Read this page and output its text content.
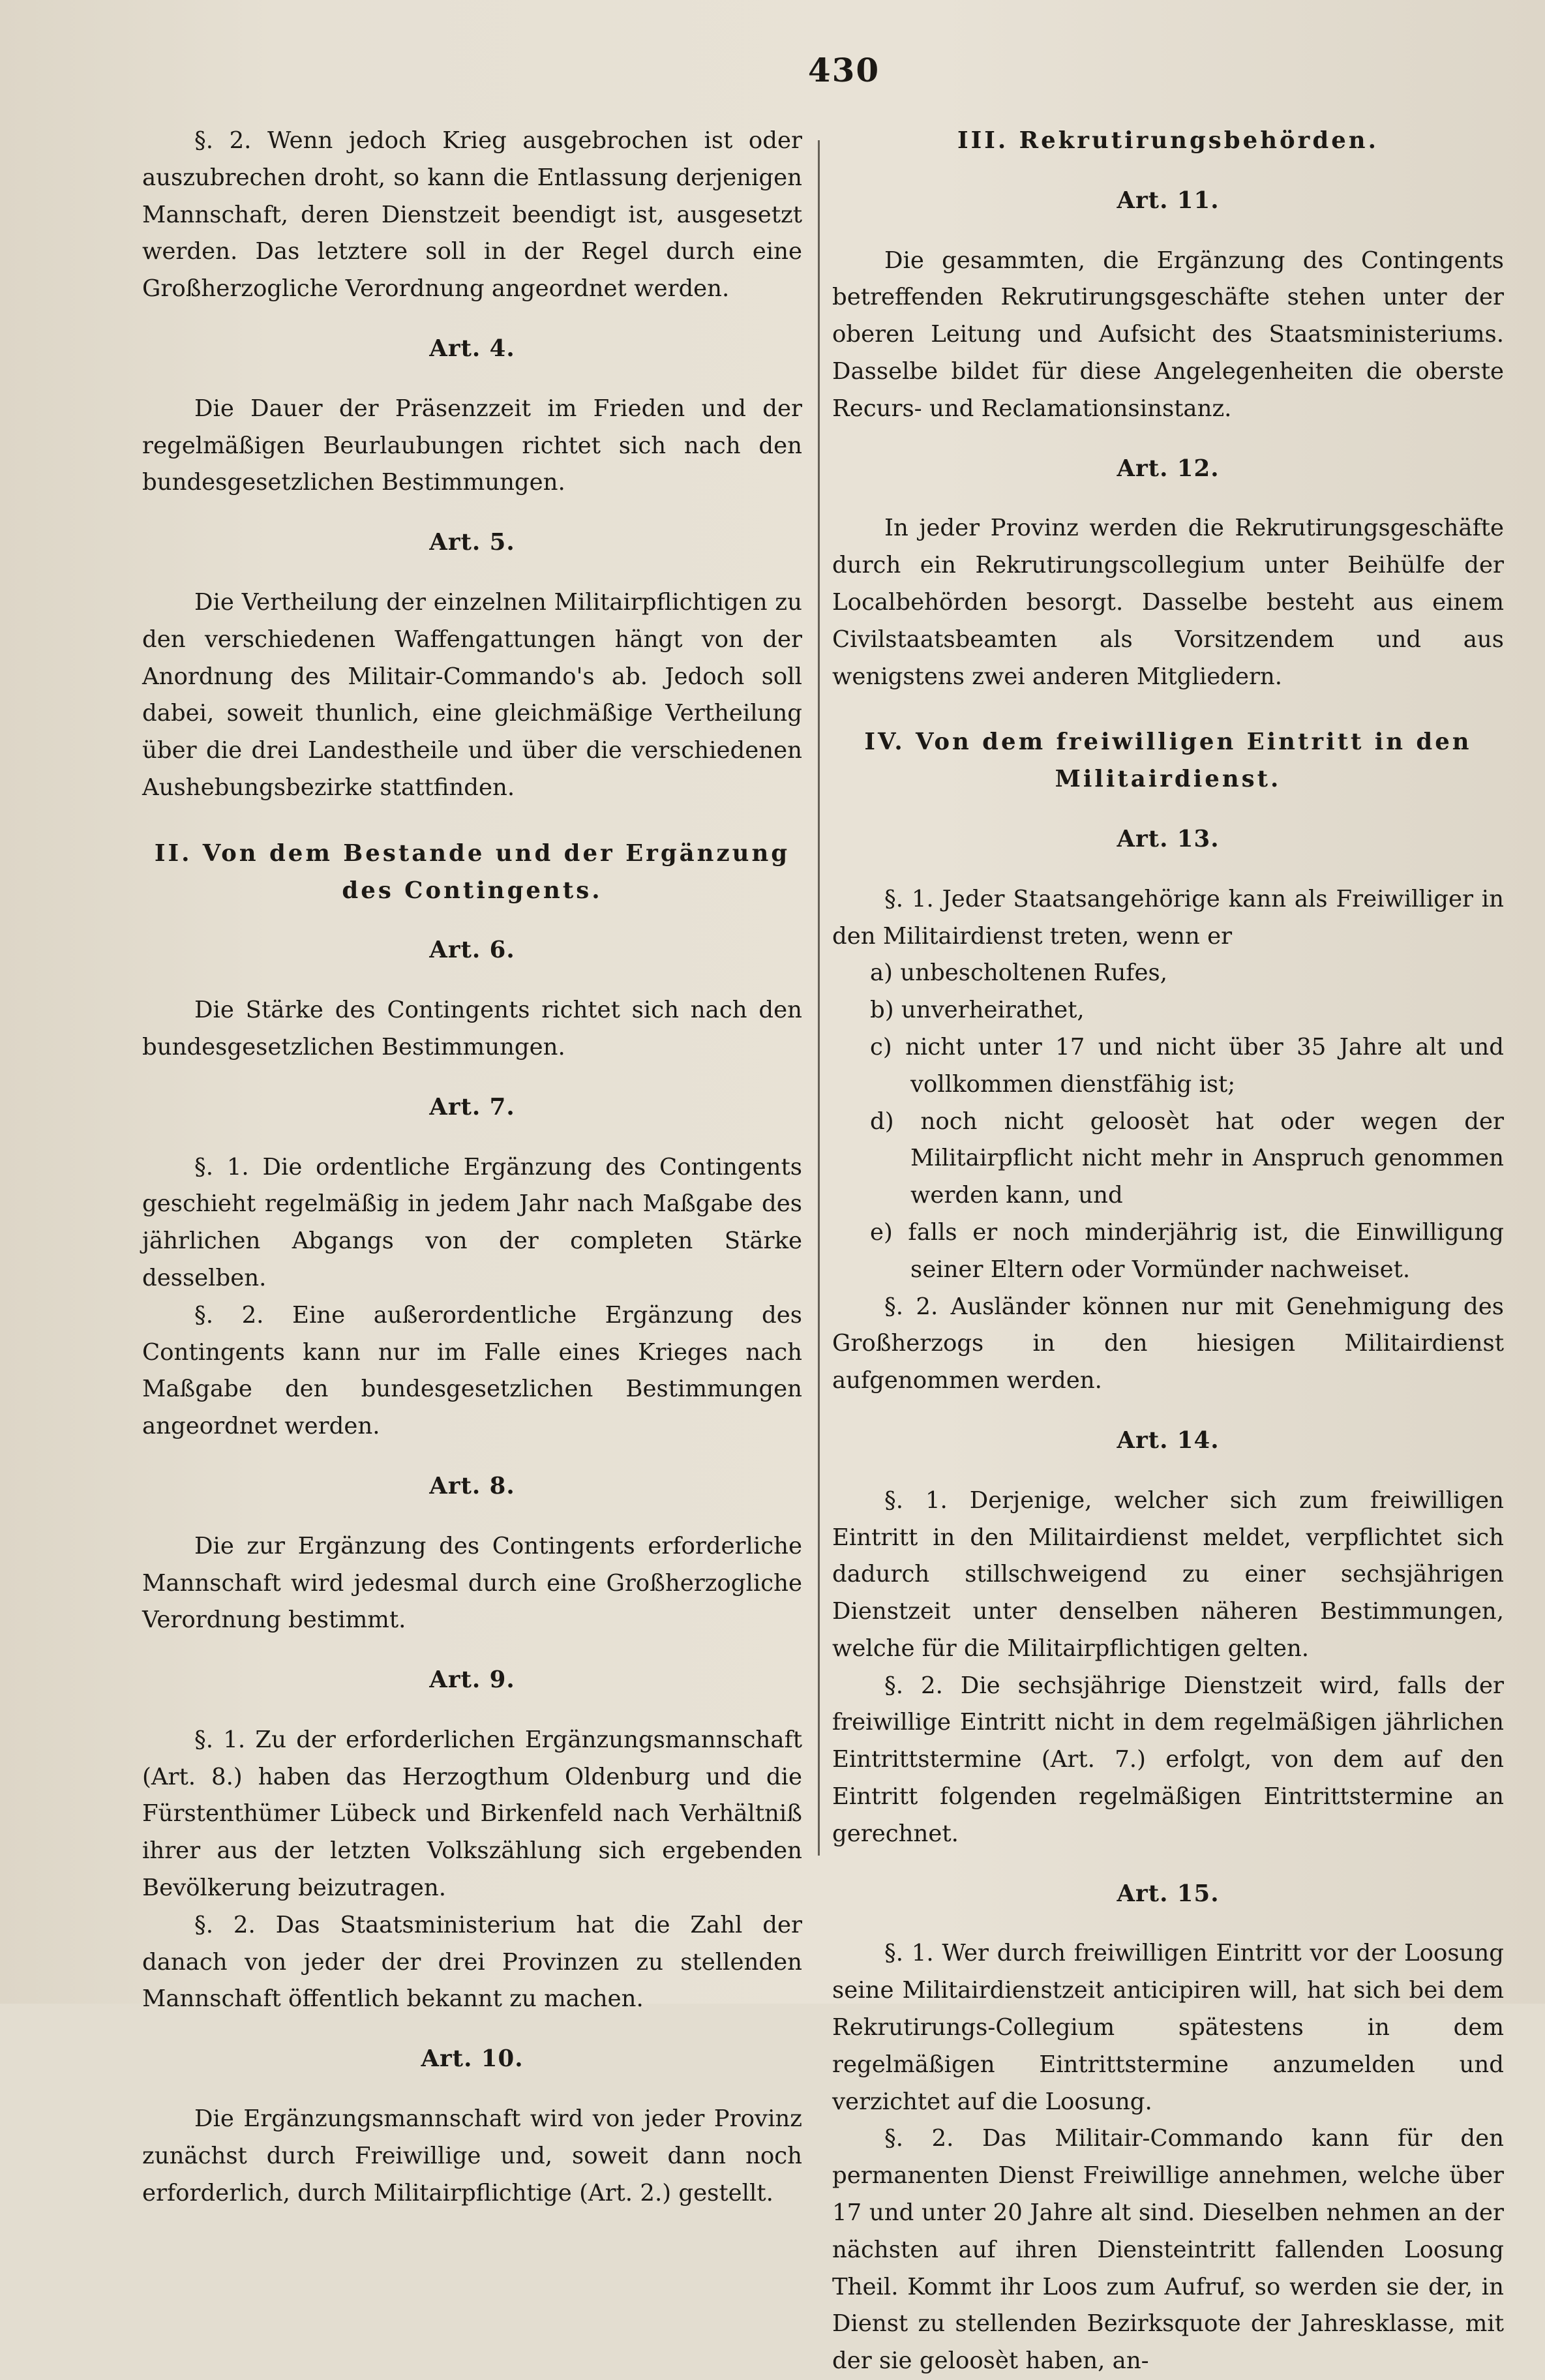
430
§. 2. Wenn jedoch Krieg ausgebrochen ist oder auszubrechen droht, so kann die Entlassung derjenigen Mannschaft, deren Dienstzeit beendigt ist, ausgesetzt werden. Das letztere soll in der Regel durch eine Großherzogliche Verordnung angeordnet werden.
Art. 4.
Die Dauer der Präsenzzeit im Frieden und der regelmäßigen Beurlaubungen richtet sich nach den bundesgesetzlichen Bestimmungen.
Art. 5.
Die Vertheilung der einzelnen Militairpflichtigen zu den verschiedenen Waffengattungen hängt von der Anordnung des Militair-Commando's ab. Jedoch soll dabei, soweit thunlich, eine gleichmäßige Vertheilung über die drei Landestheile und über die verschiedenen Aushebungsbezirke stattfinden.
II. Von dem Bestande und der Ergänzung des Contingents.
Art. 6.
Die Stärke des Contingents richtet sich nach den bundesgesetzlichen Bestimmungen.
Art. 7.
§. 1. Die ordentliche Ergänzung des Contingents geschieht regelmäßig in jedem Jahr nach Maßgabe des jährlichen Abgangs von der completen Stärke desselben.
§. 2. Eine außerordentliche Ergänzung des Contingents kann nur im Falle eines Krieges nach Maßgabe den bundesgesetzlichen Bestimmungen angeordnet werden.
Art. 8.
Die zur Ergänzung des Contingents erforderliche Mannschaft wird jedesmal durch eine Großherzogliche Verordnung bestimmt.
Art. 9.
§. 1. Zu der erforderlichen Ergänzungsmannschaft (Art. 8.) haben das Herzogthum Oldenburg und die Fürstenthümer Lübeck und Birkenfeld nach Verhältniß ihrer aus der letzten Volkszählung sich ergebenden Bevölkerung beizutragen.
§. 2. Das Staatsministerium hat die Zahl der danach von jeder der drei Provinzen zu stellenden Mannschaft öffentlich bekannt zu machen.
Art. 10.
Die Ergänzungsmannschaft wird von jeder Provinz zunächst durch Freiwillige und, soweit dann noch erforderlich, durch Militairpflichtige (Art. 2.) gestellt.
III. Rekrutirungsbehörden.
Art. 11.
Die gesammten, die Ergänzung des Contingents betreffenden Rekrutirungsgeschäfte stehen unter der oberen Leitung und Aufsicht des Staatsministeriums. Dasselbe bildet für diese Angelegenheiten die oberste Recurs- und Reclamationsinstanz.
Art. 12.
In jeder Provinz werden die Rekrutirungsgeschäfte durch ein Rekrutirungscollegium unter Beihülfe der Localbehörden besorgt. Dasselbe besteht aus einem Civilstaatsbeamten als Vorsitzendem und aus wenigstens zwei anderen Mitgliedern.
IV. Von dem freiwilligen Eintritt in den Militairdienst.
Art. 13.
§. 1. Jeder Staatsangehörige kann als Freiwilliger in den Militairdienst treten, wenn er
a) unbescholtenen Rufes,
b) unverheirathet,
c) nicht unter 17 und nicht über 35 Jahre alt und vollkommen dienstfähig ist;
d) noch nicht geloosèt hat oder wegen der Militairpflicht nicht mehr in Anspruch genommen werden kann, und
e) falls er noch minderjährig ist, die Einwilligung seiner Eltern oder Vormünder nachweiset.
§. 2. Ausländer können nur mit Genehmigung des Großherzogs in den hiesigen Militairdienst aufgenommen werden.
Art. 14.
§. 1. Derjenige, welcher sich zum freiwilligen Eintritt in den Militairdienst meldet, verpflichtet sich dadurch stillschweigend zu einer sechsjährigen Dienstzeit unter denselben näheren Bestimmungen, welche für die Militairpflichtigen gelten.
§. 2. Die sechsjährige Dienstzeit wird, falls der freiwillige Eintritt nicht in dem regelmäßigen jährlichen Eintrittstermine (Art. 7.) erfolgt, von dem auf den Eintritt folgenden regelmäßigen Eintrittstermine an gerechnet.
Art. 15.
§. 1. Wer durch freiwilligen Eintritt vor der Loosung seine Militairdienstzeit anticipiren will, hat sich bei dem Rekrutirungs-Collegium spätestens in dem regelmäßigen Eintrittstermine anzumelden und verzichtet auf die Loosung.
§. 2. Das Militair-Commando kann für den permanenten Dienst Freiwillige annehmen, welche über 17 und unter 20 Jahre alt sind. Dieselben nehmen an der nächsten auf ihren Diensteintritt fallenden Loosung Theil. Kommt ihr Loos zum Aufruf, so werden sie der, in Dienst zu stellenden Bezirksquote der Jahresklasse, mit der sie geloosèt haben, an-
